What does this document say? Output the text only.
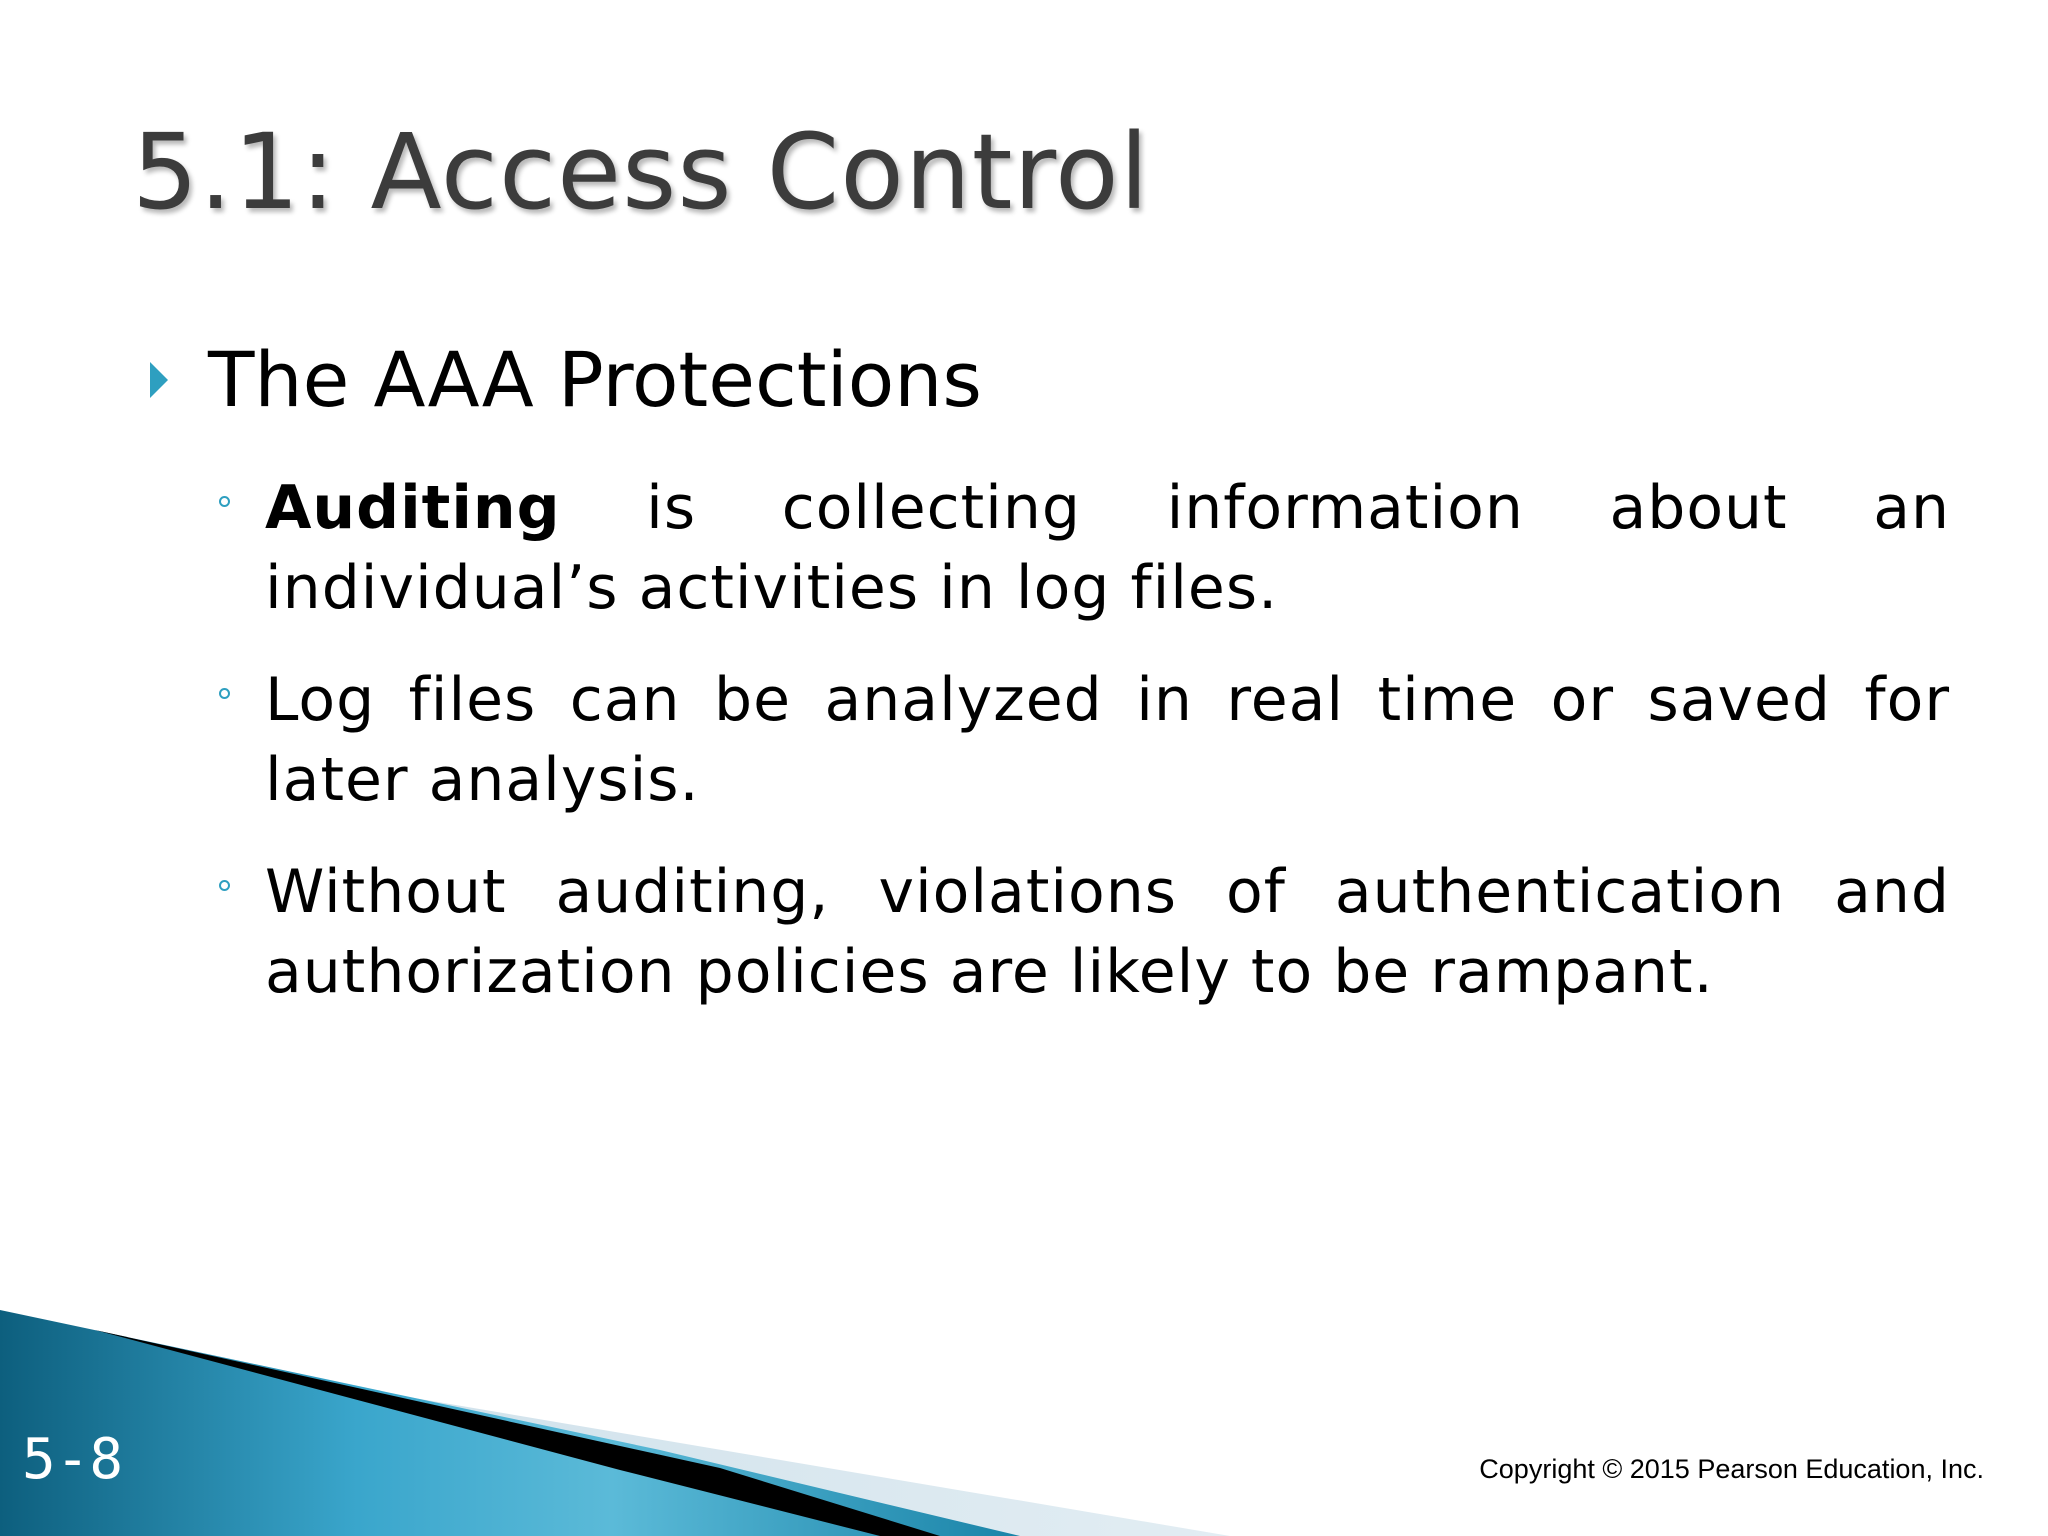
5.1: Access Control
The AAA Protections

Auditing is collecting information about an individual’s activities in log files.

Log files can be analyzed in real time or saved for later analysis.

Without auditing, violations of authentication and authorization policies are likely to be rampant.

5-8	Copyright © 2015 Pearson Education, Inc.
